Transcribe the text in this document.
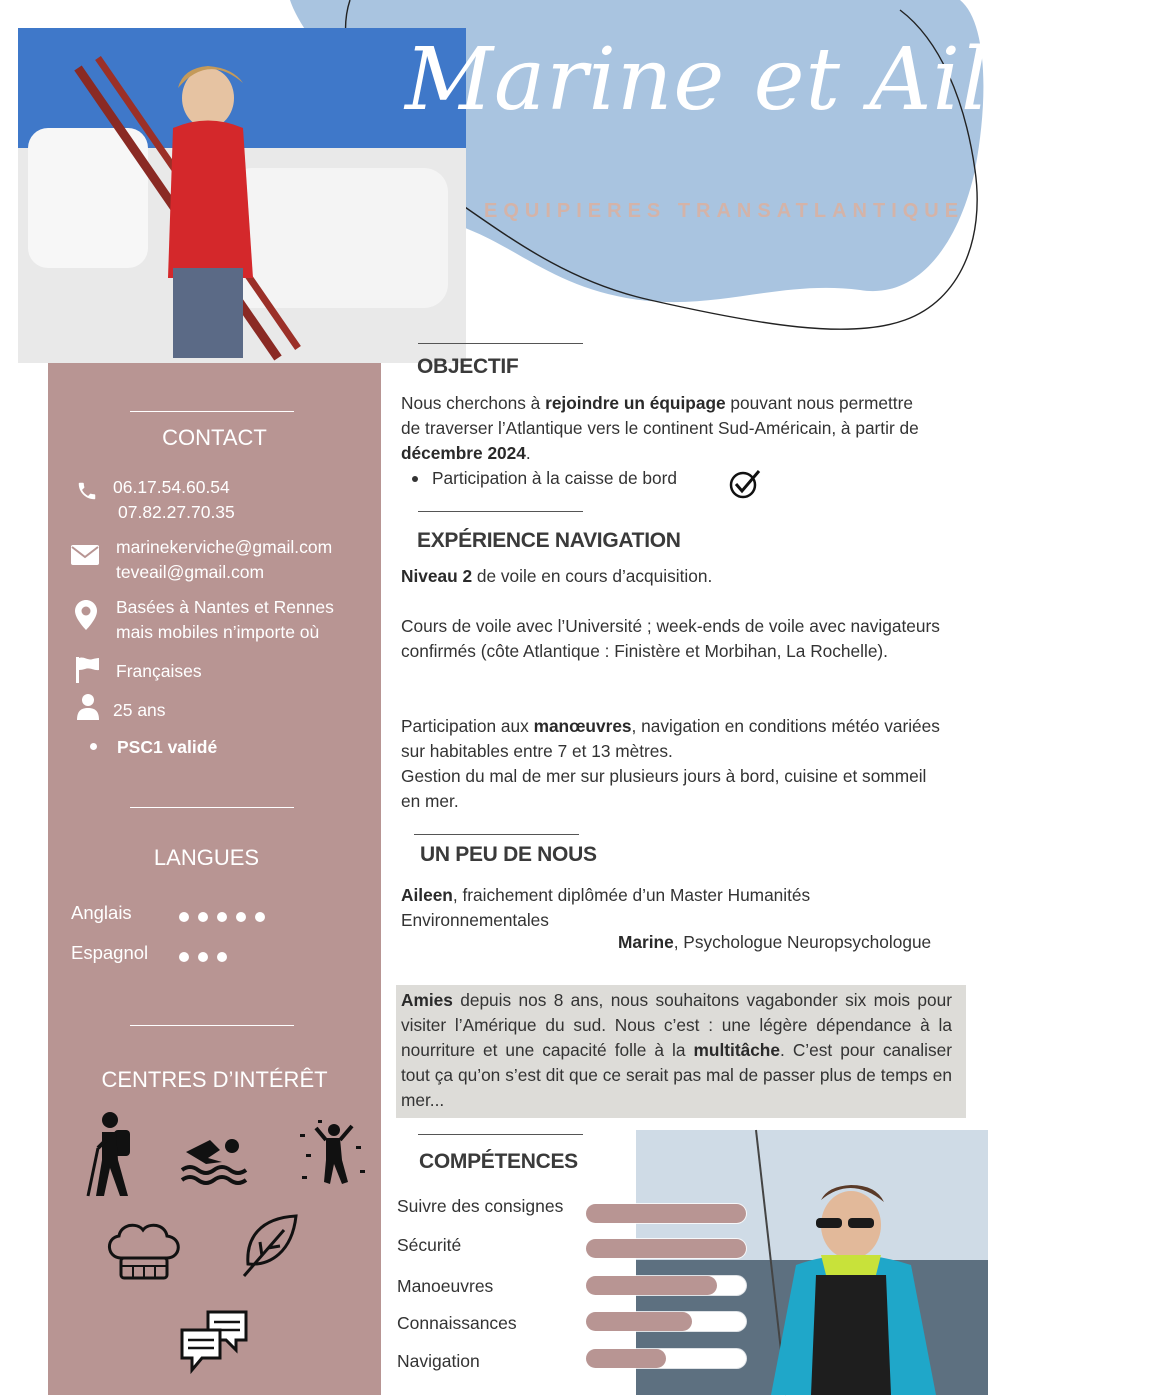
Marine et Aileen
EQUIPIERES TRANSATLANTIQUE
CONTACT
06.17.54.60.54
07.82.27.70.35
marinekerviche@gmail.com
teveail@gmail.com
Basées à Nantes et Rennes
mais mobiles n’importe où
Françaises
25 ans
PSC1 validé
LANGUES
Anglais
Espagnol
CENTRES D’INTÉRÊT
OBJECTIF
Nous cherchons à rejoindre un équipage pouvant nous permettre de traverser l’Atlantique vers le continent Sud-Américain, à partir de décembre 2024.
Participation à la caisse de bord
EXPÉRIENCE NAVIGATION
Niveau 2 de voile en cours d’acquisition.
Cours de voile avec l’Université ; week-ends de voile avec navigateurs confirmés (côte Atlantique : Finistère et Morbihan, La Rochelle).
Participation aux manœuvres, navigation en conditions météo variées sur habitables entre 7 et 13 mètres.
Gestion du mal de mer sur plusieurs jours à bord, cuisine et sommeil en mer.
UN PEU DE NOUS
Aileen, fraichement diplômée d’un Master Humanités Environnementales
Marine, Psychologue Neuropsychologue
Amies depuis nos 8 ans, nous souhaitons vagabonder six mois pour visiter l’Amérique du sud. Nous c’est : une légère dépendance à la nourriture et une capacité folle à la multitâche. C’est pour canaliser tout ça qu’on s’est dit que ce serait pas mal de passer plus de temps en mer...
COMPÉTENCES
Suivre des consignes
Sécurité
Manoeuvres
Connaissances
Navigation
